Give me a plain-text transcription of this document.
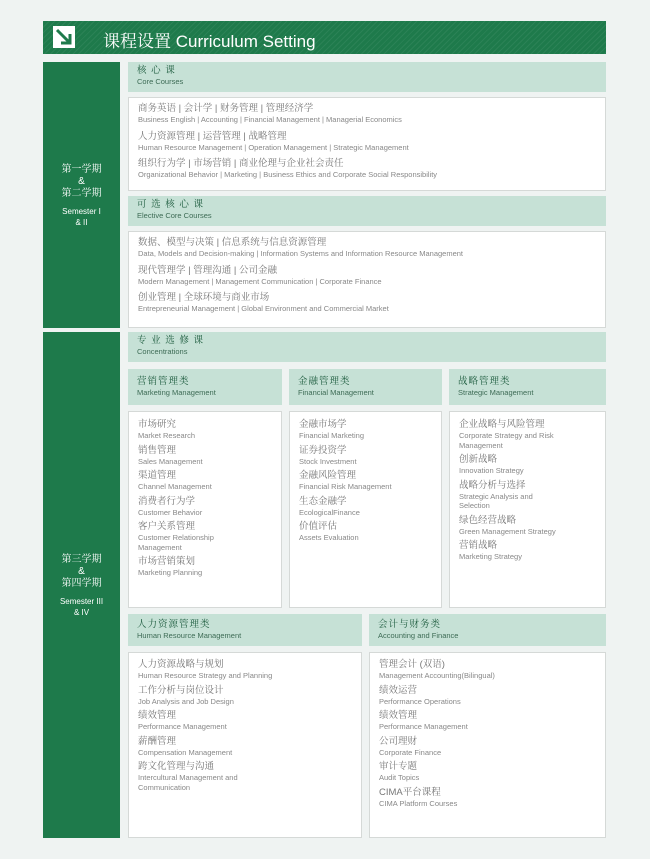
课程设置 Curriculum Setting
第一学期
&
第二学期
Semester I
& II
核 心 课
Core Courses
商务英语 | 会计学 | 财务管理 | 管理经济学
Business English | Accounting | Financial Management | Managerial Economics
人力资源管理 | 运营管理 | 战略管理
Human Resource Management | Operation Management | Strategic Management
组织行为学 | 市场营销 | 商业伦理与企业社会责任
Organizational Behavior | Marketing | Business Ethics and Corporate Social Responsibility
可 选 核 心 课
Elective Core Courses
数据、模型与决策 | 信息系统与信息资源管理
Data, Models and Decision-making | Information Systems and Information Resource Management
现代管理学 | 管理沟通 | 公司金融
Modern Management | Management Communication | Corporate Finance
创业管理 | 全球环境与商业市场
Entrepreneurial Management | Global Environment and Commercial Market
第三学期
&
第四学期
Semester III
& IV
专 业 选 修 课
Concentrations
营销管理类
Marketing Management
市场研究
Market Research
销售管理
Sales Management
渠道管理
Channel Management
消费者行为学
Customer Behavior
客户关系管理
Customer Relationship Management
市场营销策划
Marketing Planning
金融管理类
Financial Management
金融市场学
Financial Marketing
证券投资学
Stock Investment
金融风险管理
Financial Risk Management
生态金融学
EcologicalFinance
价值评估
Assets Evaluation
战略管理类
Strategic Management
企业战略与风险管理
Corporate Strategy and Risk Management
创新战略
Innovation Strategy
战略分析与选择
Strategic Analysis and Selection
绿色经营战略
Green Management Strategy
营销战略
Marketing Strategy
人力资源管理类
Human Resource Management
人力资源战略与规划
Human Resource Strategy and Planning
工作分析与岗位设计
Job Analysis and Job Design
绩效管理
Performance Management
薪酬管理
Compensation Management
跨文化管理与沟通
Intercultural Management and Communication
会计与财务类
Accounting and Finance
管理会计 (双语)
Management Accounting(Bilingual)
绩效运营
Performance Operations
绩效管理
Performance Management
公司理财
Corporate Finance
审计专题
Audit Topics
CIMA平台课程
CIMA Platform Courses
